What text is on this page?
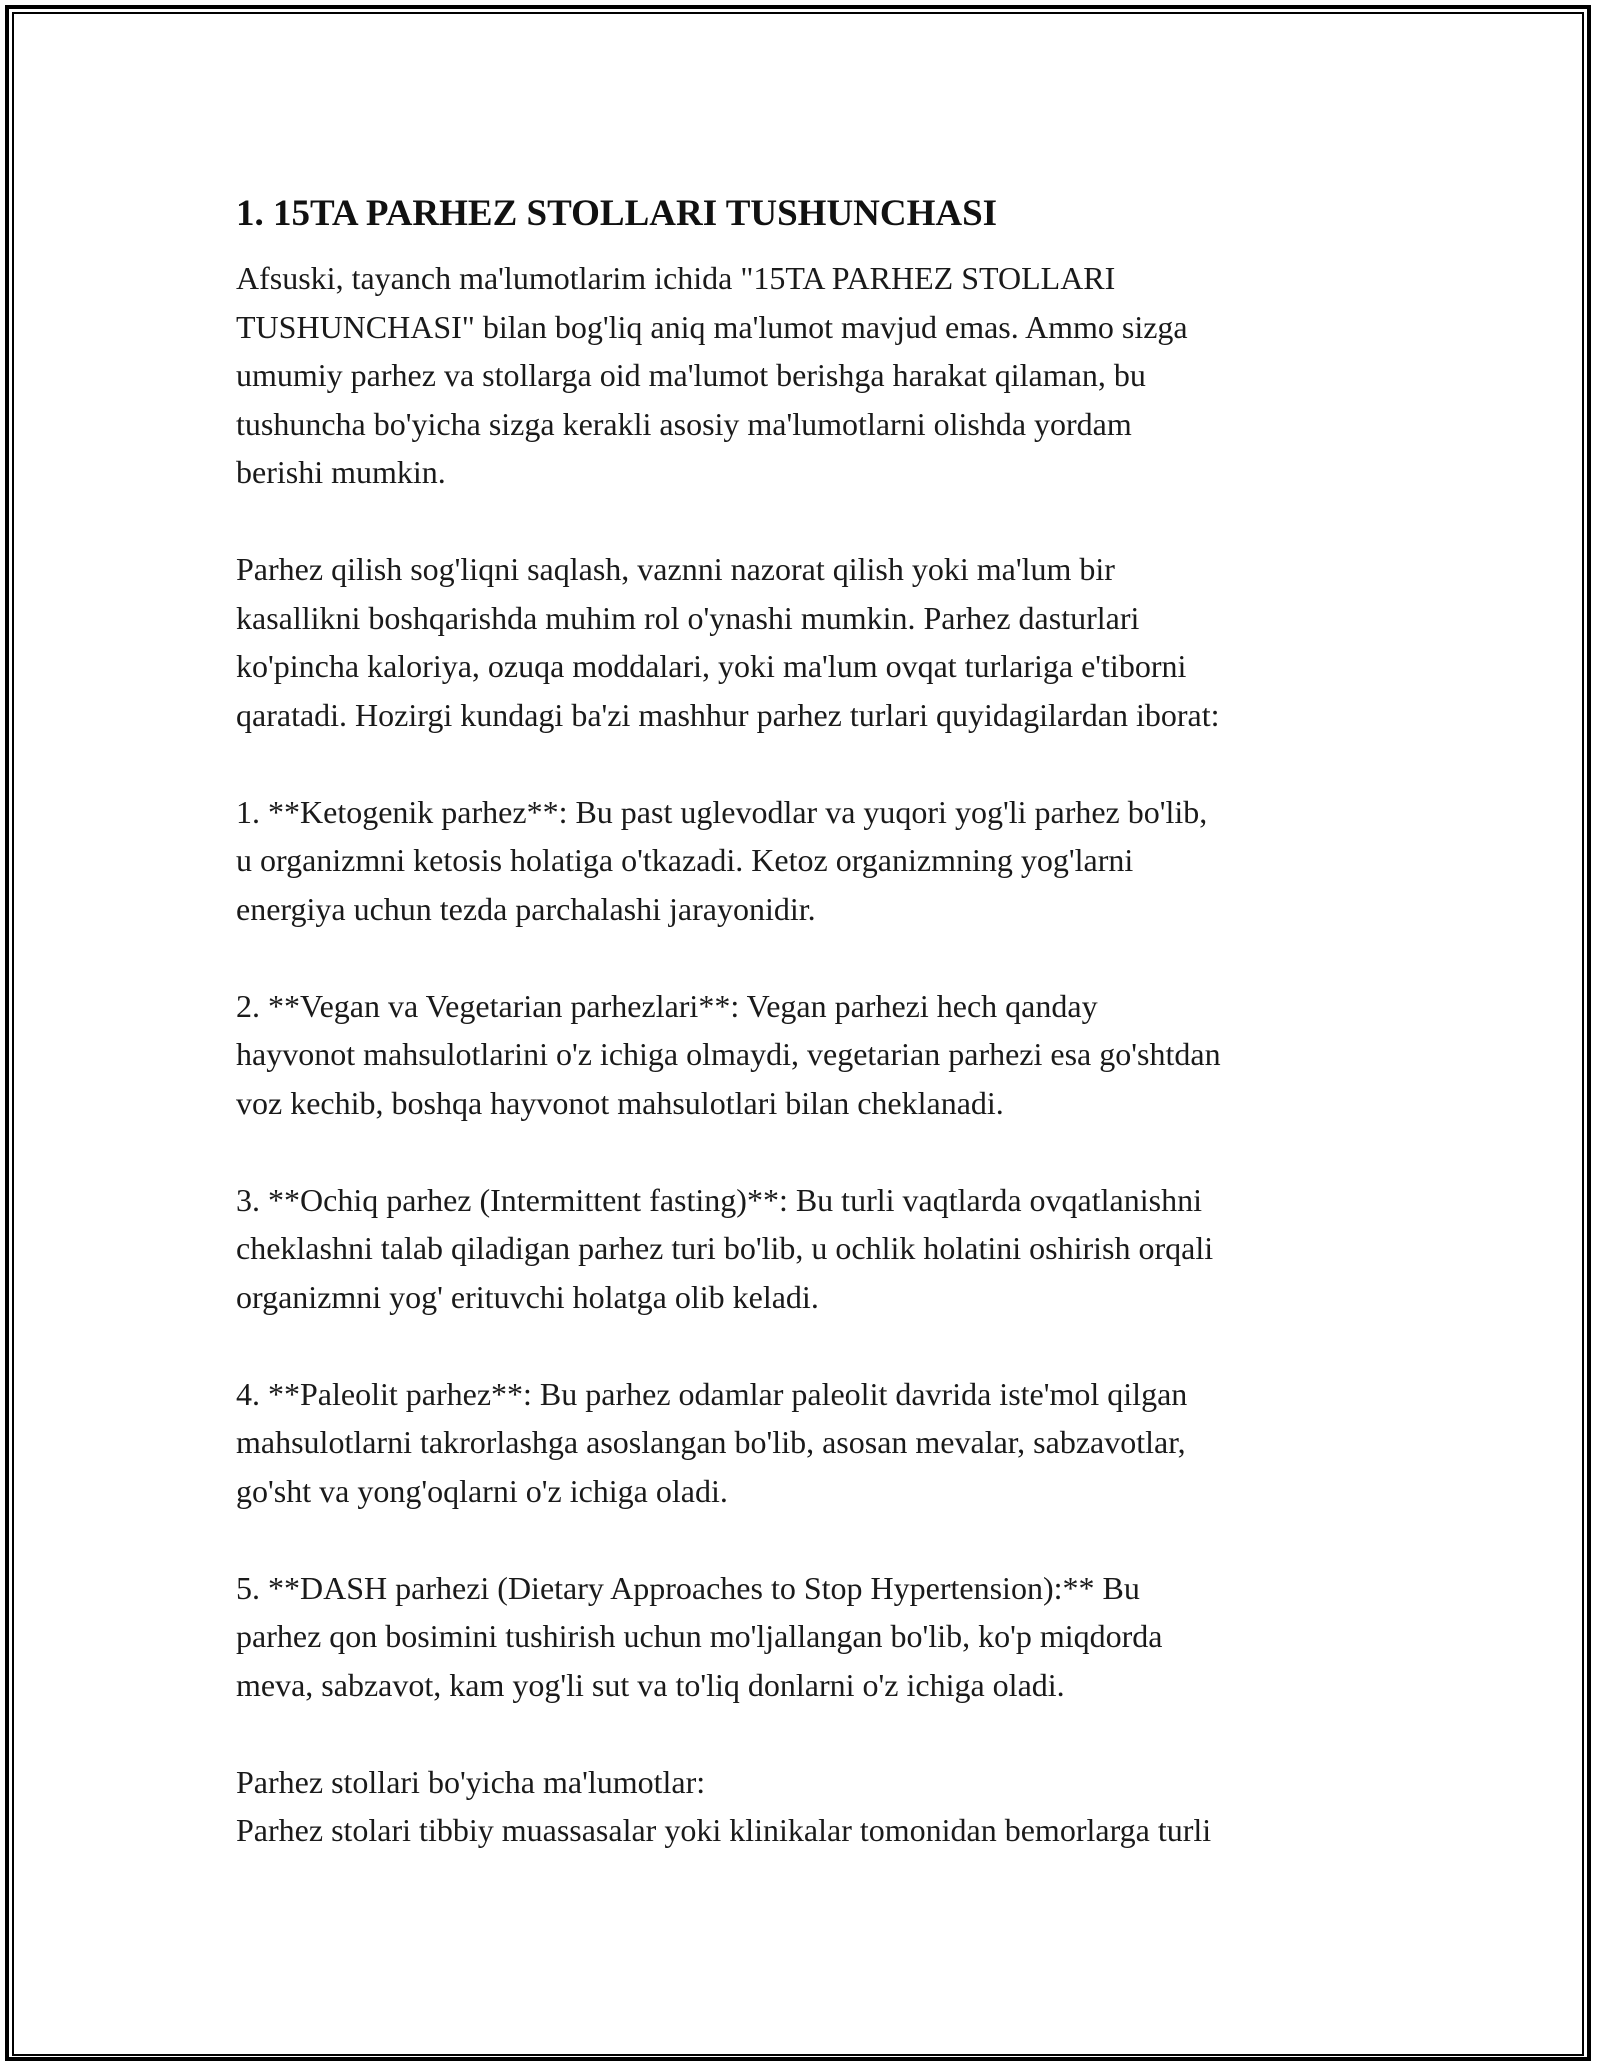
1. 15TA PARHEZ STOLLARI TUSHUNCHASI

Afsuski, tayanch ma'lumotlarim ichida "15TA PARHEZ STOLLARI
TUSHUNCHASI" bilan bog'liq aniq ma'lumot mavjud emas. Ammo sizga
umumiy parhez va stollarga oid ma'lumot berishga harakat qilaman, bu
tushuncha bo'yicha sizga kerakli asosiy ma'lumotlarni olishda yordam
berishi mumkin.

Parhez qilish sog'liqni saqlash, vaznni nazorat qilish yoki ma'lum bir
kasallikni boshqarishda muhim rol o'ynashi mumkin. Parhez dasturlari
ko'pincha kaloriya, ozuqa moddalari, yoki ma'lum ovqat turlariga e'tiborni
qaratadi. Hozirgi kundagi ba'zi mashhur parhez turlari quyidagilardan iborat:

1. **Ketogenik parhez**: Bu past uglevodlar va yuqori yog'li parhez bo'lib,
u organizmni ketosis holatiga o'tkazadi. Ketoz organizmning yog'larni
energiya uchun tezda parchalashi jarayonidir.

2. **Vegan va Vegetarian parhezlari**: Vegan parhezi hech qanday
hayvonot mahsulotlarini o'z ichiga olmaydi, vegetarian parhezi esa go'shtdan
voz kechib, boshqa hayvonot mahsulotlari bilan cheklanadi.

3. **Ochiq parhez (Intermittent fasting)**: Bu turli vaqtlarda ovqatlanishni
cheklashni talab qiladigan parhez turi bo'lib, u ochlik holatini oshirish orqali
organizmni yog' erituvchi holatga olib keladi.

4. **Paleolit parhez**: Bu parhez odamlar paleolit davrida iste'mol qilgan
mahsulotlarni takrorlashga asoslangan bo'lib, asosan mevalar, sabzavotlar,
go'sht va yong'oqlarni o'z ichiga oladi.

5. **DASH parhezi (Dietary Approaches to Stop Hypertension):** Bu
parhez qon bosimini tushirish uchun mo'ljallangan bo'lib, ko'p miqdorda
meva, sabzavot, kam yog'li sut va to'liq donlarni o'z ichiga oladi.

Parhez stollari bo'yicha ma'lumotlar:
Parhez stolari tibbiy muassasalar yoki klinikalar tomonidan bemorlarga turli
